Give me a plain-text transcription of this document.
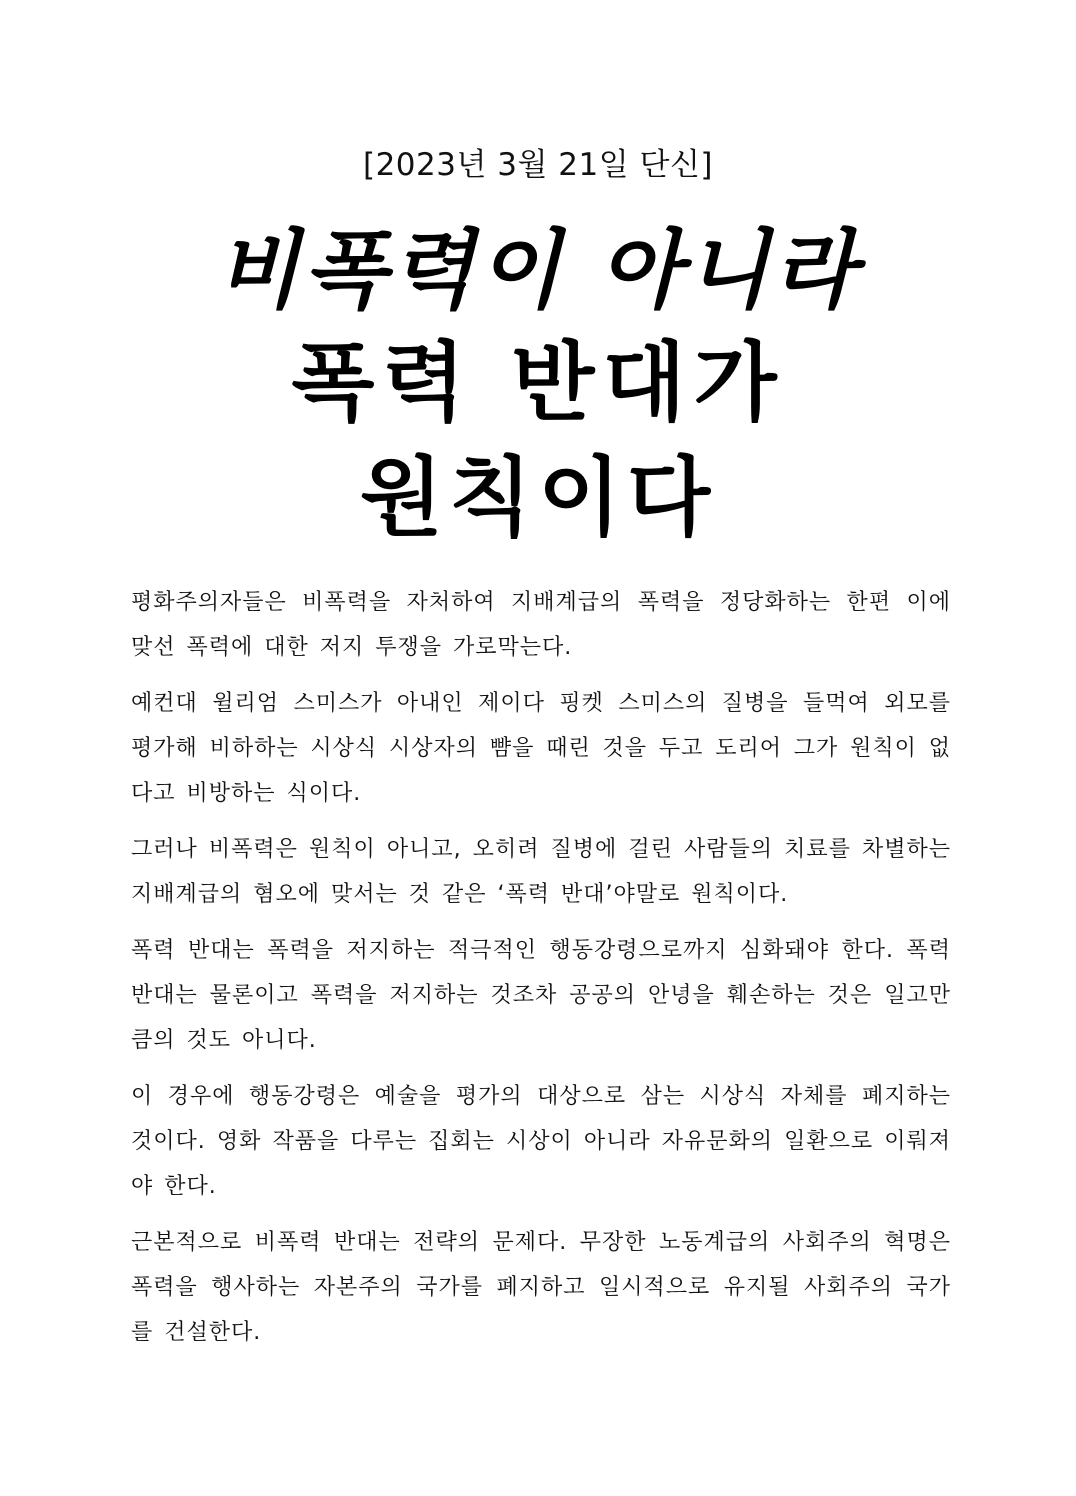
[2023년 3월 21일 단신]
비폭력이 아니라
폭력 반대가
원칙이다

평화주의자들은 비폭력을 자처하여 지배계급의 폭력을 정당화하는 한편 이에 맞선 폭력에 대한 저지 투쟁을 가로막는다.

예컨대 윌리엄 스미스가 아내인 제이다 핑켓 스미스의 질병을 들먹여 외모를 평가해 비하하는 시상식 시상자의 뺨을 때린 것을 두고 도리어 그가 원칙이 없다고 비방하는 식이다.

그러나 비폭력은 원칙이 아니고, 오히려 질병에 걸린 사람들의 치료를 차별하는 지배계급의 혐오에 맞서는 것 같은 ‘폭력 반대’야말로 원칙이다.

폭력 반대는 폭력을 저지하는 적극적인 행동강령으로까지 심화돼야 한다. 폭력 반대는 물론이고 폭력을 저지하는 것조차 공공의 안녕을 훼손하는 것은 일고만큼의 것도 아니다.

이 경우에 행동강령은 예술을 평가의 대상으로 삼는 시상식 자체를 폐지하는 것이다. 영화 작품을 다루는 집회는 시상이 아니라 자유문화의 일환으로 이뤄져야 한다.

근본적으로 비폭력 반대는 전략의 문제다. 무장한 노동계급의 사회주의 혁명은 폭력을 행사하는 자본주의 국가를 폐지하고 일시적으로 유지될 사회주의 국가를 건설한다.
